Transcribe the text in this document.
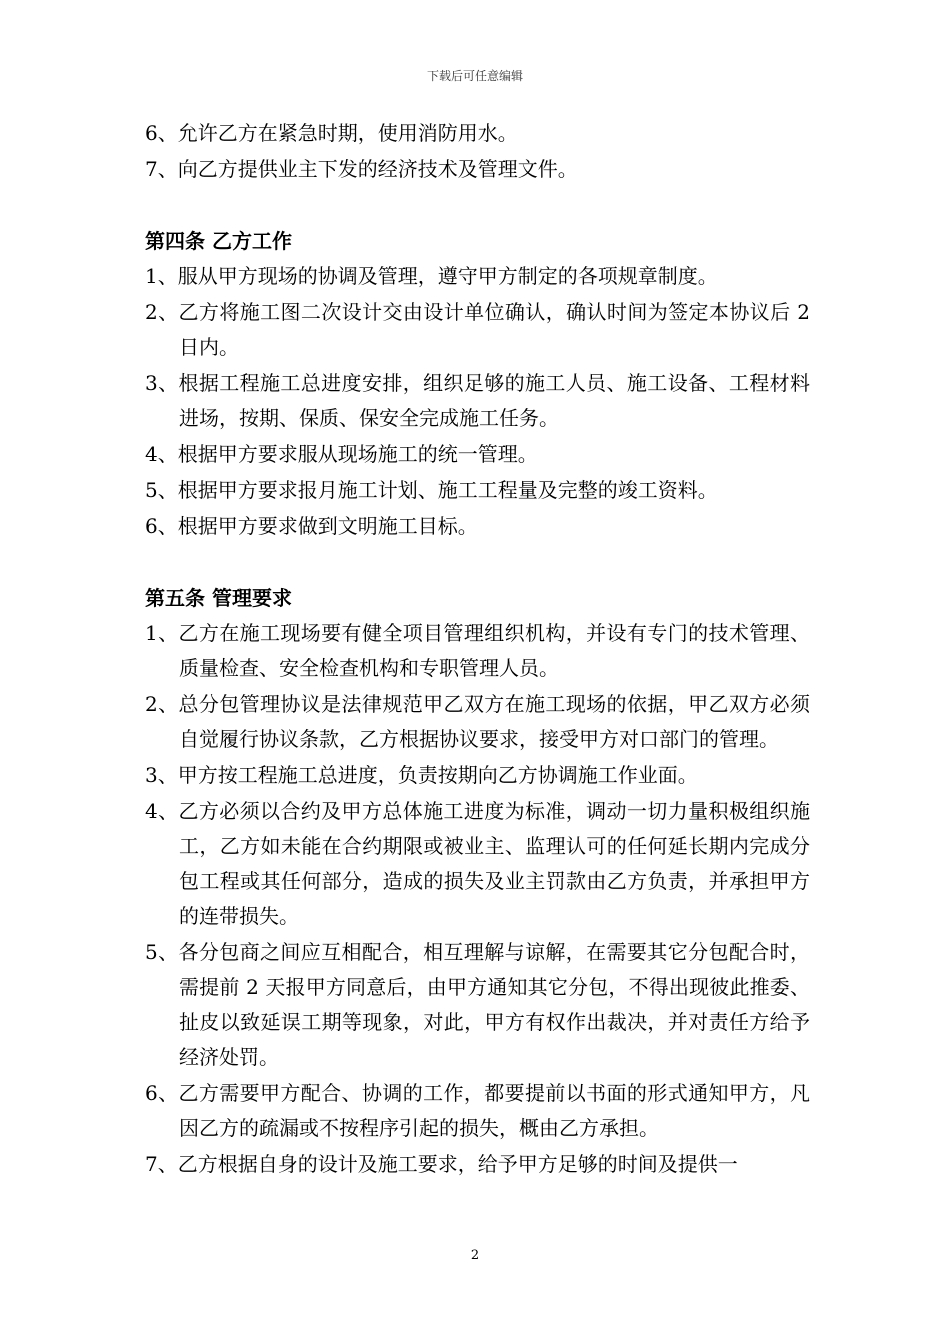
下载后可任意编辑

6、允许乙方在紧急时期，使用消防用水。

7、向乙方提供业主下发的经济技术及管理文件。

第四条 乙方工作

1、服从甲方现场的协调及管理，遵守甲方制定的各项规章制度。

2、乙方将施工图二次设计交由设计单位确认，确认时间为签定本协议后 2 日内。

3、根据工程施工总进度安排，组织足够的施工人员、施工设备、工程材料进场，按期、保质、保安全完成施工任务。

4、根据甲方要求服从现场施工的统一管理。

5、根据甲方要求报月施工计划、施工工程量及完整的竣工资料。

6、根据甲方要求做到文明施工目标。

第五条 管理要求

1、乙方在施工现场要有健全项目管理组织机构，并设有专门的技术管理、质量检查、安全检查机构和专职管理人员。

2、总分包管理协议是法律规范甲乙双方在施工现场的依据，甲乙双方必须自觉履行协议条款，乙方根据协议要求，接受甲方对口部门的管理。

3、甲方按工程施工总进度，负责按期向乙方协调施工作业面。

4、乙方必须以合约及甲方总体施工进度为标准，调动一切力量积极组织施工，乙方如未能在合约期限或被业主、监理认可的任何延长期内完成分包工程或其任何部分，造成的损失及业主罚款由乙方负责，并承担甲方的连带损失。

5、各分包商之间应互相配合，相互理解与谅解，在需要其它分包配合时，需提前 2 天报甲方同意后，由甲方通知其它分包，不得出现彼此推委、扯皮以致延误工期等现象，对此，甲方有权作出裁决，并对责任方给予经济处罚。

6、乙方需要甲方配合、协调的工作，都要提前以书面的形式通知甲方，凡因乙方的疏漏或不按程序引起的损失，概由乙方承担。

7、乙方根据自身的设计及施工要求，给予甲方足够的时间及提供一

2
